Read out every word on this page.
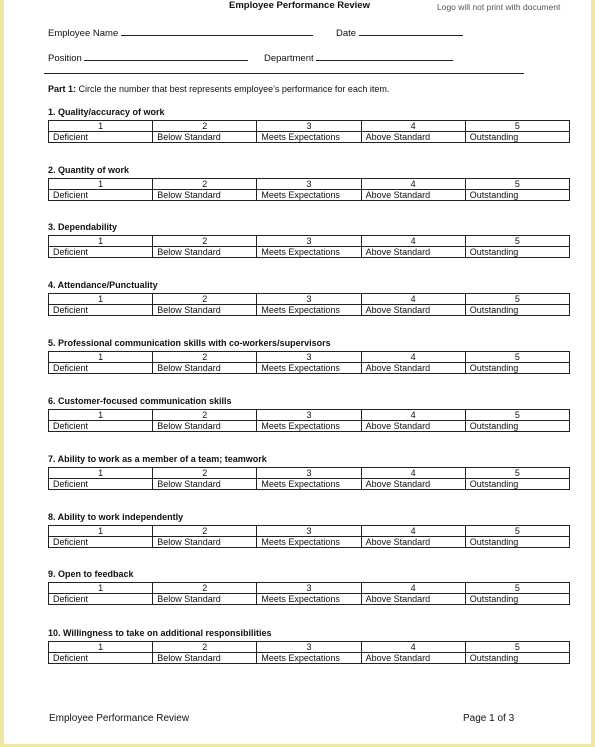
Employee Performance Review	Logo will not print with document
Employee Name	Date
Position	Department
Part 1: Circle the number that best represents employee's performance for each item.
1. Quality/accuracy of work
1	2	3	4	5
Deficient	Below Standard	Meets Expectations	Above Standard	Outstanding
2. Quantity of work
1	2	3	4	5
Deficient	Below Standard	Meets Expectations	Above Standard	Outstanding
3. Dependability
1	2	3	4	5
Deficient	Below Standard	Meets Expectations	Above Standard	Outstanding
4. Attendance/Punctuality
1	2	3	4	5
Deficient	Below Standard	Meets Expectations	Above Standard	Outstanding
5. Professional communication skills with co-workers/supervisors
1	2	3	4	5
Deficient	Below Standard	Meets Expectations	Above Standard	Outstanding
6. Customer-focused communication skills
1	2	3	4	5
Deficient	Below Standard	Meets Expectations	Above Standard	Outstanding
7. Ability to work as a member of a team; teamwork
1	2	3	4	5
Deficient	Below Standard	Meets Expectations	Above Standard	Outstanding
8. Ability to work independently
1	2	3	4	5
Deficient	Below Standard	Meets Expectations	Above Standard	Outstanding
9. Open to feedback
1	2	3	4	5
Deficient	Below Standard	Meets Expectations	Above Standard	Outstanding
10. Willingness to take on additional responsibilities
1	2	3	4	5
Deficient	Below Standard	Meets Expectations	Above Standard	Outstanding
Employee Performance Review	Page 1 of 3
